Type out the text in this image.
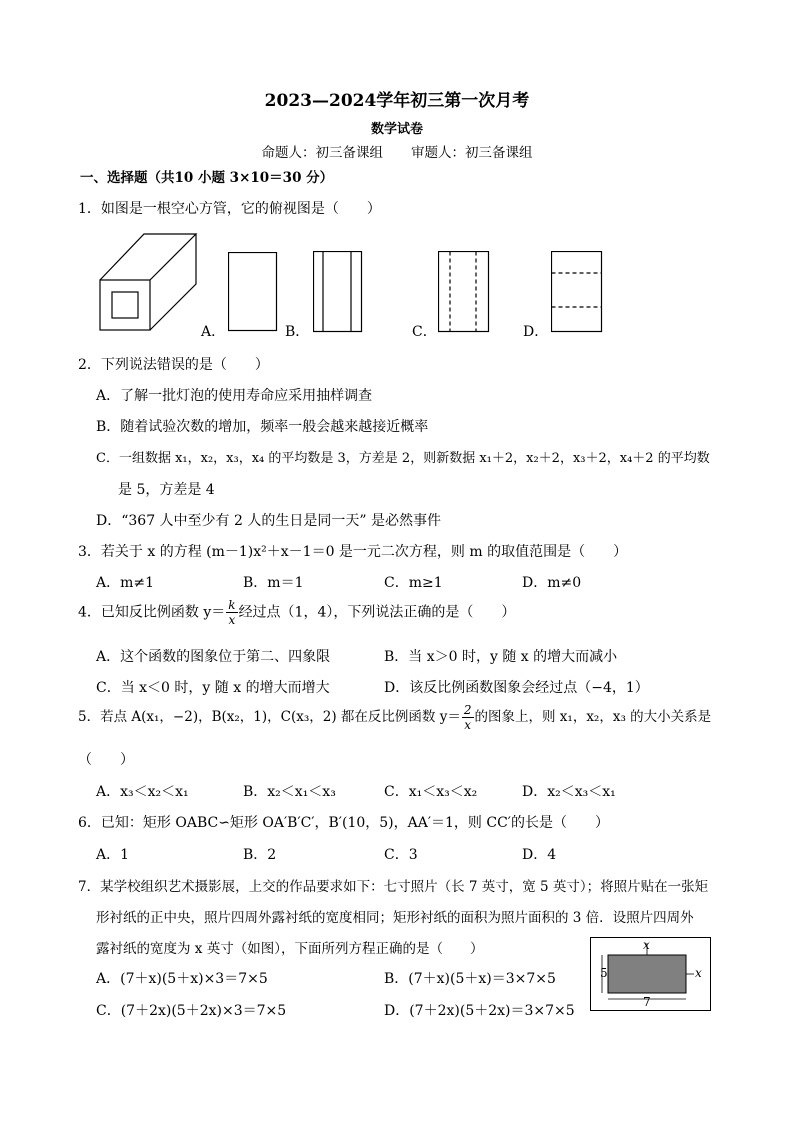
2023—2024学年初三第一次月考
数学试卷
命题人：初三备课组 审题人：初三备课组
一、选择题（共10 小题 3×10＝30 分）
1．如图是一根空心方管，它的俯视图是（　　）
A．	B．	C．	D．
2．下列说法错误的是（　　）
A．了解一批灯泡的使用寿命应采用抽样调查
B．随着试验次数的增加，频率一般会越来越接近概率
C．一组数据 x₁，x₂，x₃，x₄ 的平均数是 3，方差是 2，则新数据 x₁＋2，x₂＋2，x₃＋2，x₄＋2 的平均数
是 5，方差是 4
D．“367 人中至少有 2 人的生日是同一天” 是必然事件
3．若关于 x 的方程 (m－1)x²＋x－1＝0 是一元二次方程，则 m 的取值范围是（　　）
A．m≠1	B．m＝1	C．m≥1	D．m≠0
4．已知反比例函数 $y= \frac{k}{x}$ 经过点（1，4），下列说法正确的是（　　）
A．这个函数的图象位于第二、四象限	B．当 x＞0 时，y 随 x 的增大而减小
C．当 x＜0 时，y 随 x 的增大而增大	D．该反比例函数图象会经过点（−4，1）
5．若点 A(x₁，−2)，B(x₂，1)，C(x₃，2) 都在反比例函数 $y= \frac{2}{x}$ 的图象上，则 x₁，x₂，x₃ 的大小关系是
（　　）
A．x₃＜x₂＜x₁	B．x₂＜x₁＜x₃	C．x₁＜x₃＜x₂	D．x₂＜x₃＜x₁
6．已知：矩形 OABC∽矩形 OA′B′C′，B′(10，5)，AA′＝1，则 CC′的长是（　　）
A．1	B．2	C．3	D．4
7．某学校组织艺术摄影展，上交的作品要求如下：七寸照片（长 7 英寸，宽 5 英寸）；将照片贴在一张矩
形衬纸的正中央，照片四周外露衬纸的宽度相同；矩形衬纸的面积为照片面积的 3 倍．设照片四周外
露衬纸的宽度为 x 英寸（如图），下面所列方程正确的是（　　）
A．(7＋x)(5＋x)×3＝7×5	B．(7＋x)(5＋x)＝3×7×5
C．(7＋2x)(5＋2x)×3＝7×5	D．(7＋2x)(5＋2x)＝3×7×5
x
5	x
7
